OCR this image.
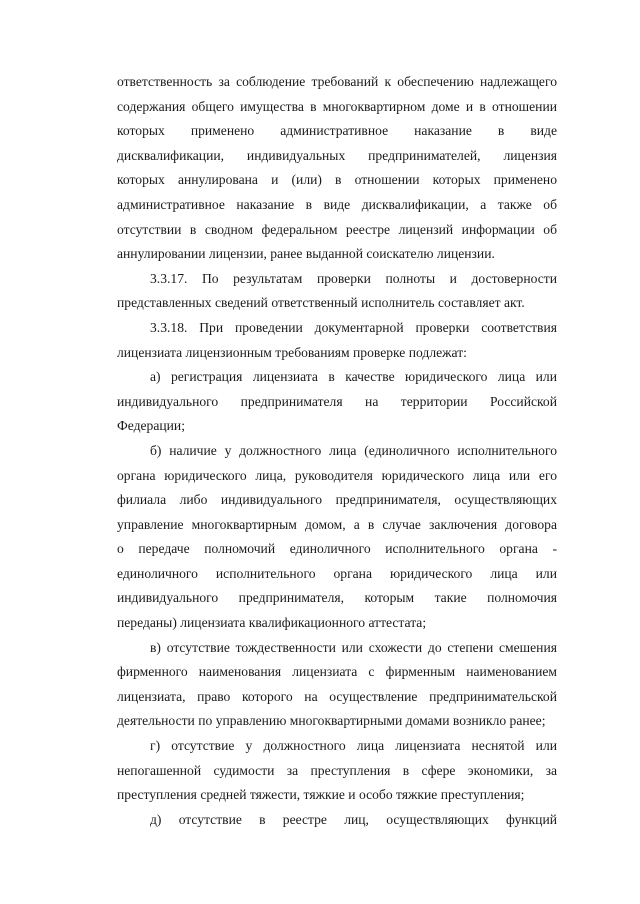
ответственность за соблюдение требований к обеспечению надлежащего
содержания общего имущества в многоквартирном доме и в отношении
которых применено административное наказание в виде
дисквалификации, индивидуальных предпринимателей, лицензия
которых аннулирована и (или) в отношении которых применено
административное наказание в виде дисквалификации, а также об
отсутствии в сводном федеральном реестре лицензий информации об
аннулировании лицензии, ранее выданной соискателю лицензии.
3.3.17. По результатам проверки полноты и достоверности
представленных сведений ответственный исполнитель составляет акт.
3.3.18. При проведении документарной проверки соответствия
лицензиата лицензионным требованиям проверке подлежат:
а) регистрация лицензиата в качестве юридического лица или
индивидуального предпринимателя на территории Российской
Федерации;
б) наличие у должностного лица (единоличного исполнительного
органа юридического лица, руководителя юридического лица или его
филиала либо индивидуального предпринимателя, осуществляющих
управление многоквартирным домом, а в случае заключения договора
о передаче полномочий единоличного исполнительного органа -
единоличного исполнительного органа юридического лица или
индивидуального предпринимателя, которым такие полномочия
переданы) лицензиата квалификационного аттестата;
в) отсутствие тождественности или схожести до степени смешения
фирменного наименования лицензиата с фирменным наименованием
лицензиата, право которого на осуществление предпринимательской
деятельности по управлению многоквартирными домами возникло ранее;
г) отсутствие у должностного лица лицензиата неснятой или
непогашенной судимости за преступления в сфере экономики, за
преступления средней тяжести, тяжкие и особо тяжкие преступления;
д) отсутствие в реестре лиц, осуществляющих функций
